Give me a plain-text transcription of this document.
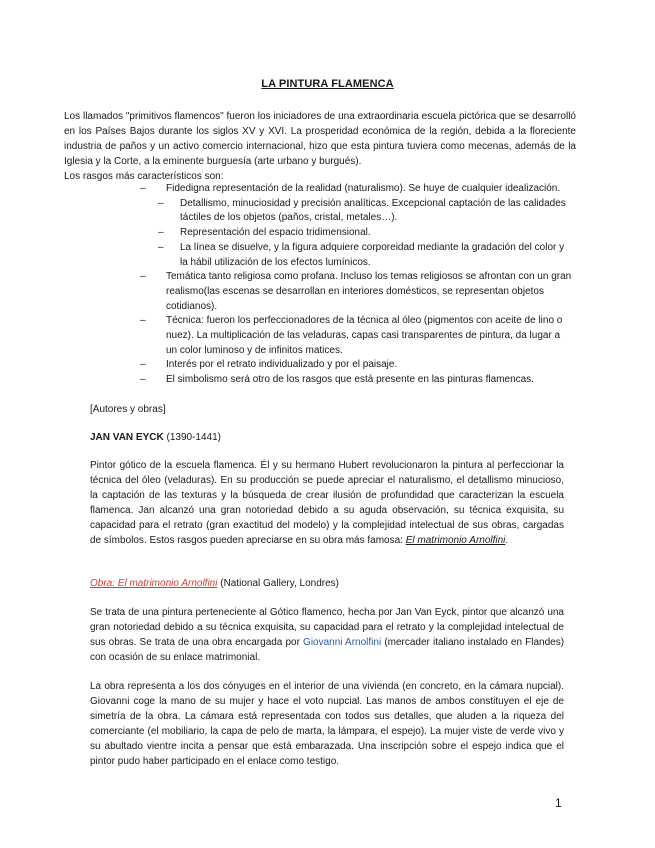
LA PINTURA FLAMENCA

Los llamados "primitivos flamencos" fueron los iniciadores de una extraordinaria escuela pictórica que se desarrolló en los Países Bajos durante los siglos XV y XVI. La prosperidad económica de la región, debida a la floreciente industria de paños y un activo comercio internacional, hizo que esta pintura tuviera como mecenas, además de la Iglesia y la Corte, a la eminente burguesía (arte urbano y burgués).
Los rasgos más característicos son:

– Fidedigna representación de la realidad (naturalismo). Se huye de cualquier idealización.
– Detallismo, minuciosidad y precisión analíticas. Excepcional captación de las calidades táctiles de los objetos (paños, cristal, metales…).
– Representación del espacio tridimensional.
– La línea se disuelve, y la figura adquiere corporeidad mediante la gradación del color y la hábil utilización de los efectos lumínicos.
– Temática tanto religiosa como profana. Incluso los temas religiosos se afrontan con un gran realismo(las escenas se desarrollan en interiores domésticos, se representan objetos cotidianos).
– Técnica: fueron los perfeccionadores de la técnica al óleo (pigmentos con aceite de lino o nuez). La multiplicación de las veladuras, capas casi transparentes de pintura, da lugar a un color luminoso y de infinitos matices.
– Interés por el retrato individualizado y por el paisaje.
– El simbolismo será otro de los rasgos que está presente en las pinturas flamencas.
[Autores y obras]
JAN VAN EYCK (1390-1441)

Pintor gótico de la escuela flamenca. Él y su hermano Hubert revolucionaron la pintura al perfeccionar la técnica del óleo (veladuras). En su producción se puede apreciar el naturalismo, el detallismo minucioso, la captación de las texturas y la búsqueda de crear ilusión de profundidad que caracterizan la escuela flamenca. Jan alcanzó una gran notoriedad debido a su aguda observación, su técnica exquisita, su capacidad para el retrato (gran exactitud del modelo) y la complejidad intelectual de sus obras, cargadas de símbolos. Estos rasgos pueden apreciarse en su obra más famosa: El matrimonio Arnolfini.

Obra: El matrimonio Arnolfini (National Gallery, Londres)

Se trata de una pintura perteneciente al Gótico flamenco, hecha por Jan Van Eyck, pintor que alcanzó una gran notoriedad debido a su técnica exquisita, su capacidad para el retrato y la complejidad intelectual de sus obras. Se trata de una obra encargada por Giovanni Arnolfini (mercader italiano instalado en Flandes) con ocasión de su enlace matrimonial.

La obra representa a los dos cónyuges en el interior de una vivienda (en concreto, en la cámara nupcial). Giovanni coge la mano de su mujer y hace el voto nupcial. Las manos de ambos constituyen el eje de simetría de la obra. La cámara está representada con todos sus detalles, que aluden a la riqueza del comerciante (el mobiliario, la capa de pelo de marta, la lámpara, el espejo). La mujer viste de verde vivo y su abultado vientre incita a pensar que está embarazada. Una inscripción sobre el espejo indica que el pintor pudo haber participado en el enlace como testigo.

1
